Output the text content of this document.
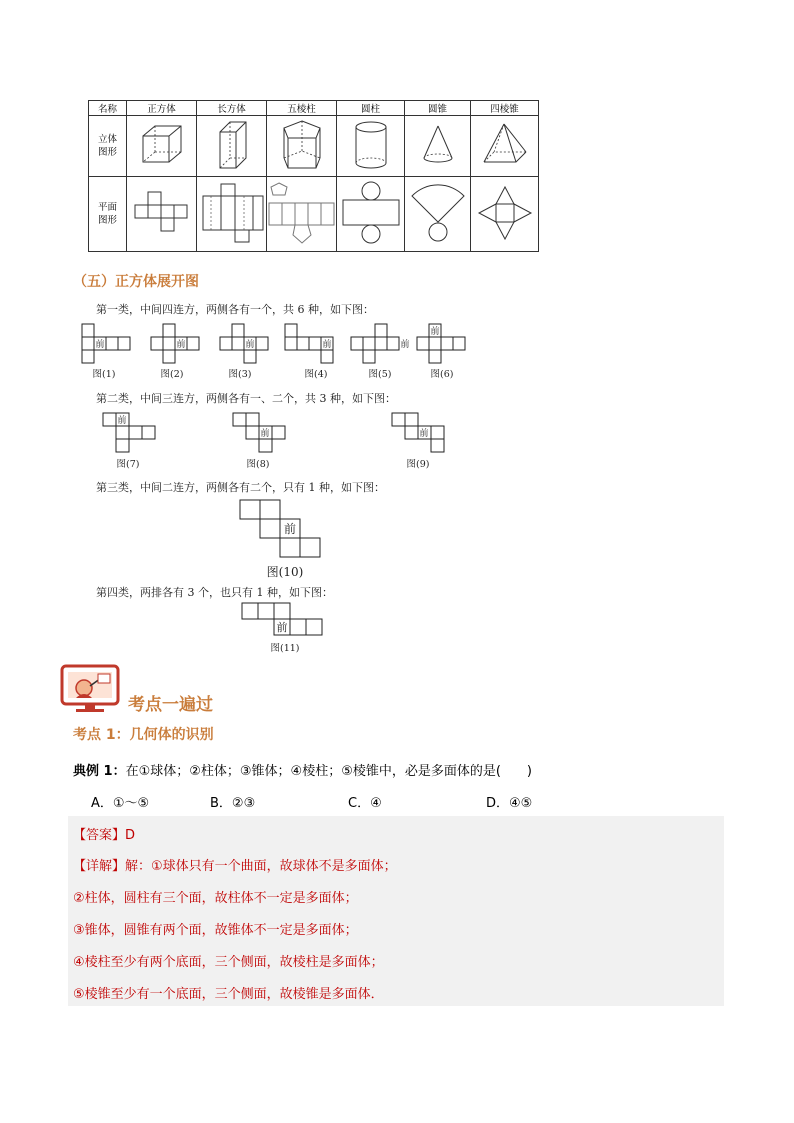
名称	正方体	长方体	五棱柱	圆柱	圆锥	四棱锥
立体
图形						
平面
图形						
（五）正方体展开图
第一类，中间四连方，两侧各有一个，共 6 种，如下图：
前	前	前	前	前
前
图(1)	图(2)	图(3)	图(4)	图(5)	图(6)
第二类，中间三连方，两侧各有一、二个，共 3 种，如下图：
前
前	前
图(7)	图(8)	图(9)
第三类，中间二连方，两侧各有二个，只有 1 种，如下图：
前
图(10)
第四类，两排各有 3 个，也只有 1 种，如下图：
前
图(11)
考点一遍过
考点 1：几何体的识别
典例 1：在①球体；②柱体；③锥体；④棱柱；⑤棱锥中，必是多面体的是(　　)
A．①～⑤	B．②③	C．④	D．④⑤
【答案】D
【详解】解：①球体只有一个曲面，故球体不是多面体；
②柱体，圆柱有三个面，故柱体不一定是多面体；
③锥体，圆锥有两个面，故锥体不一定是多面体；
④棱柱至少有两个底面，三个侧面，故棱柱是多面体；
⑤棱锥至少有一个底面，三个侧面，故棱锥是多面体．
